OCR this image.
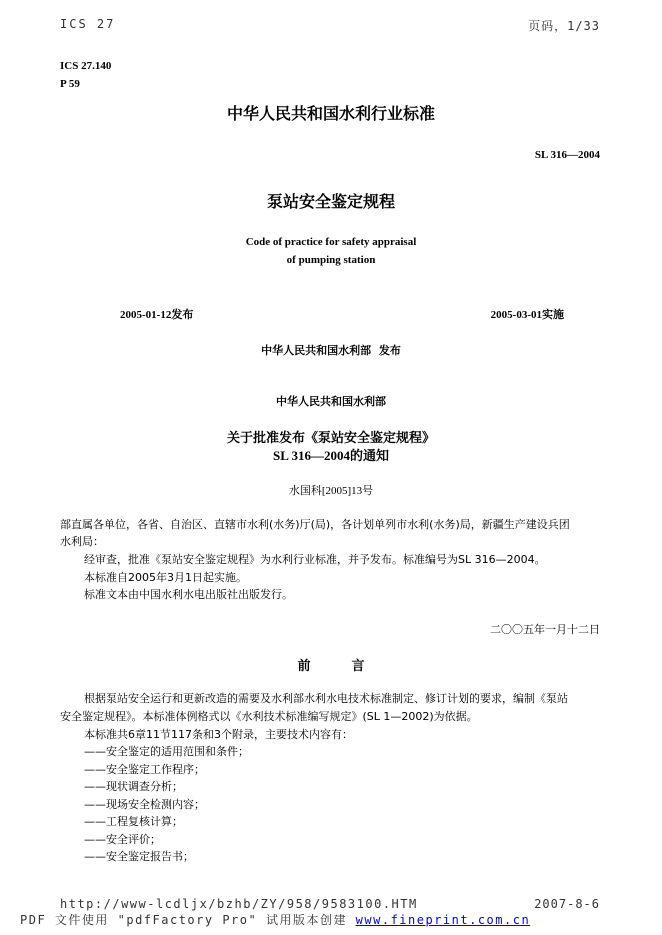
ICS 27	页码，1/33
ICS 27.140
P 59
中华人民共和国水利行业标准
SL 316—2004
泵站安全鉴定规程
Code of practice for safety appraisal
of pumping station
2005-01-12发布	2005-03-01实施
中华人民共和国水利部  发布
中华人民共和国水利部
关于批准发布《泵站安全鉴定规程》
SL 316—2004的通知
水国科[2005]13号
部直属各单位，各省、自治区、直辖市水利(水务)厅(局)，各计划单列市水利(水务)局，新疆生产建设兵团
水利局：
经审查，批准《泵站安全鉴定规程》为水利行业标准，并予发布。标准编号为SL 316—2004。
本标准自2005年3月1日起实施。
标准文本由中国水利水电出版社出版发行。
二〇〇五年一月十二日
前　言
根据泵站安全运行和更新改造的需要及水利部水利水电技术标准制定、修订计划的要求，编制《泵站
安全鉴定规程》。本标准体例格式以《水利技术标准编写规定》(SL 1—2002)为依据。
本标准共6章11节117条和3个附录，主要技术内容有：
——安全鉴定的适用范围和条件；
——安全鉴定工作程序；
——现状调查分析；
——现场安全检测内容；
——工程复核计算；
——安全评价；
——安全鉴定报告书；
http://www-lcdljx/bzhb/ZY/958/9583100.HTM	2007-8-6
PDF 文件使用 "pdfFactory Pro" 试用版本创建 www.fineprint.com.cn
